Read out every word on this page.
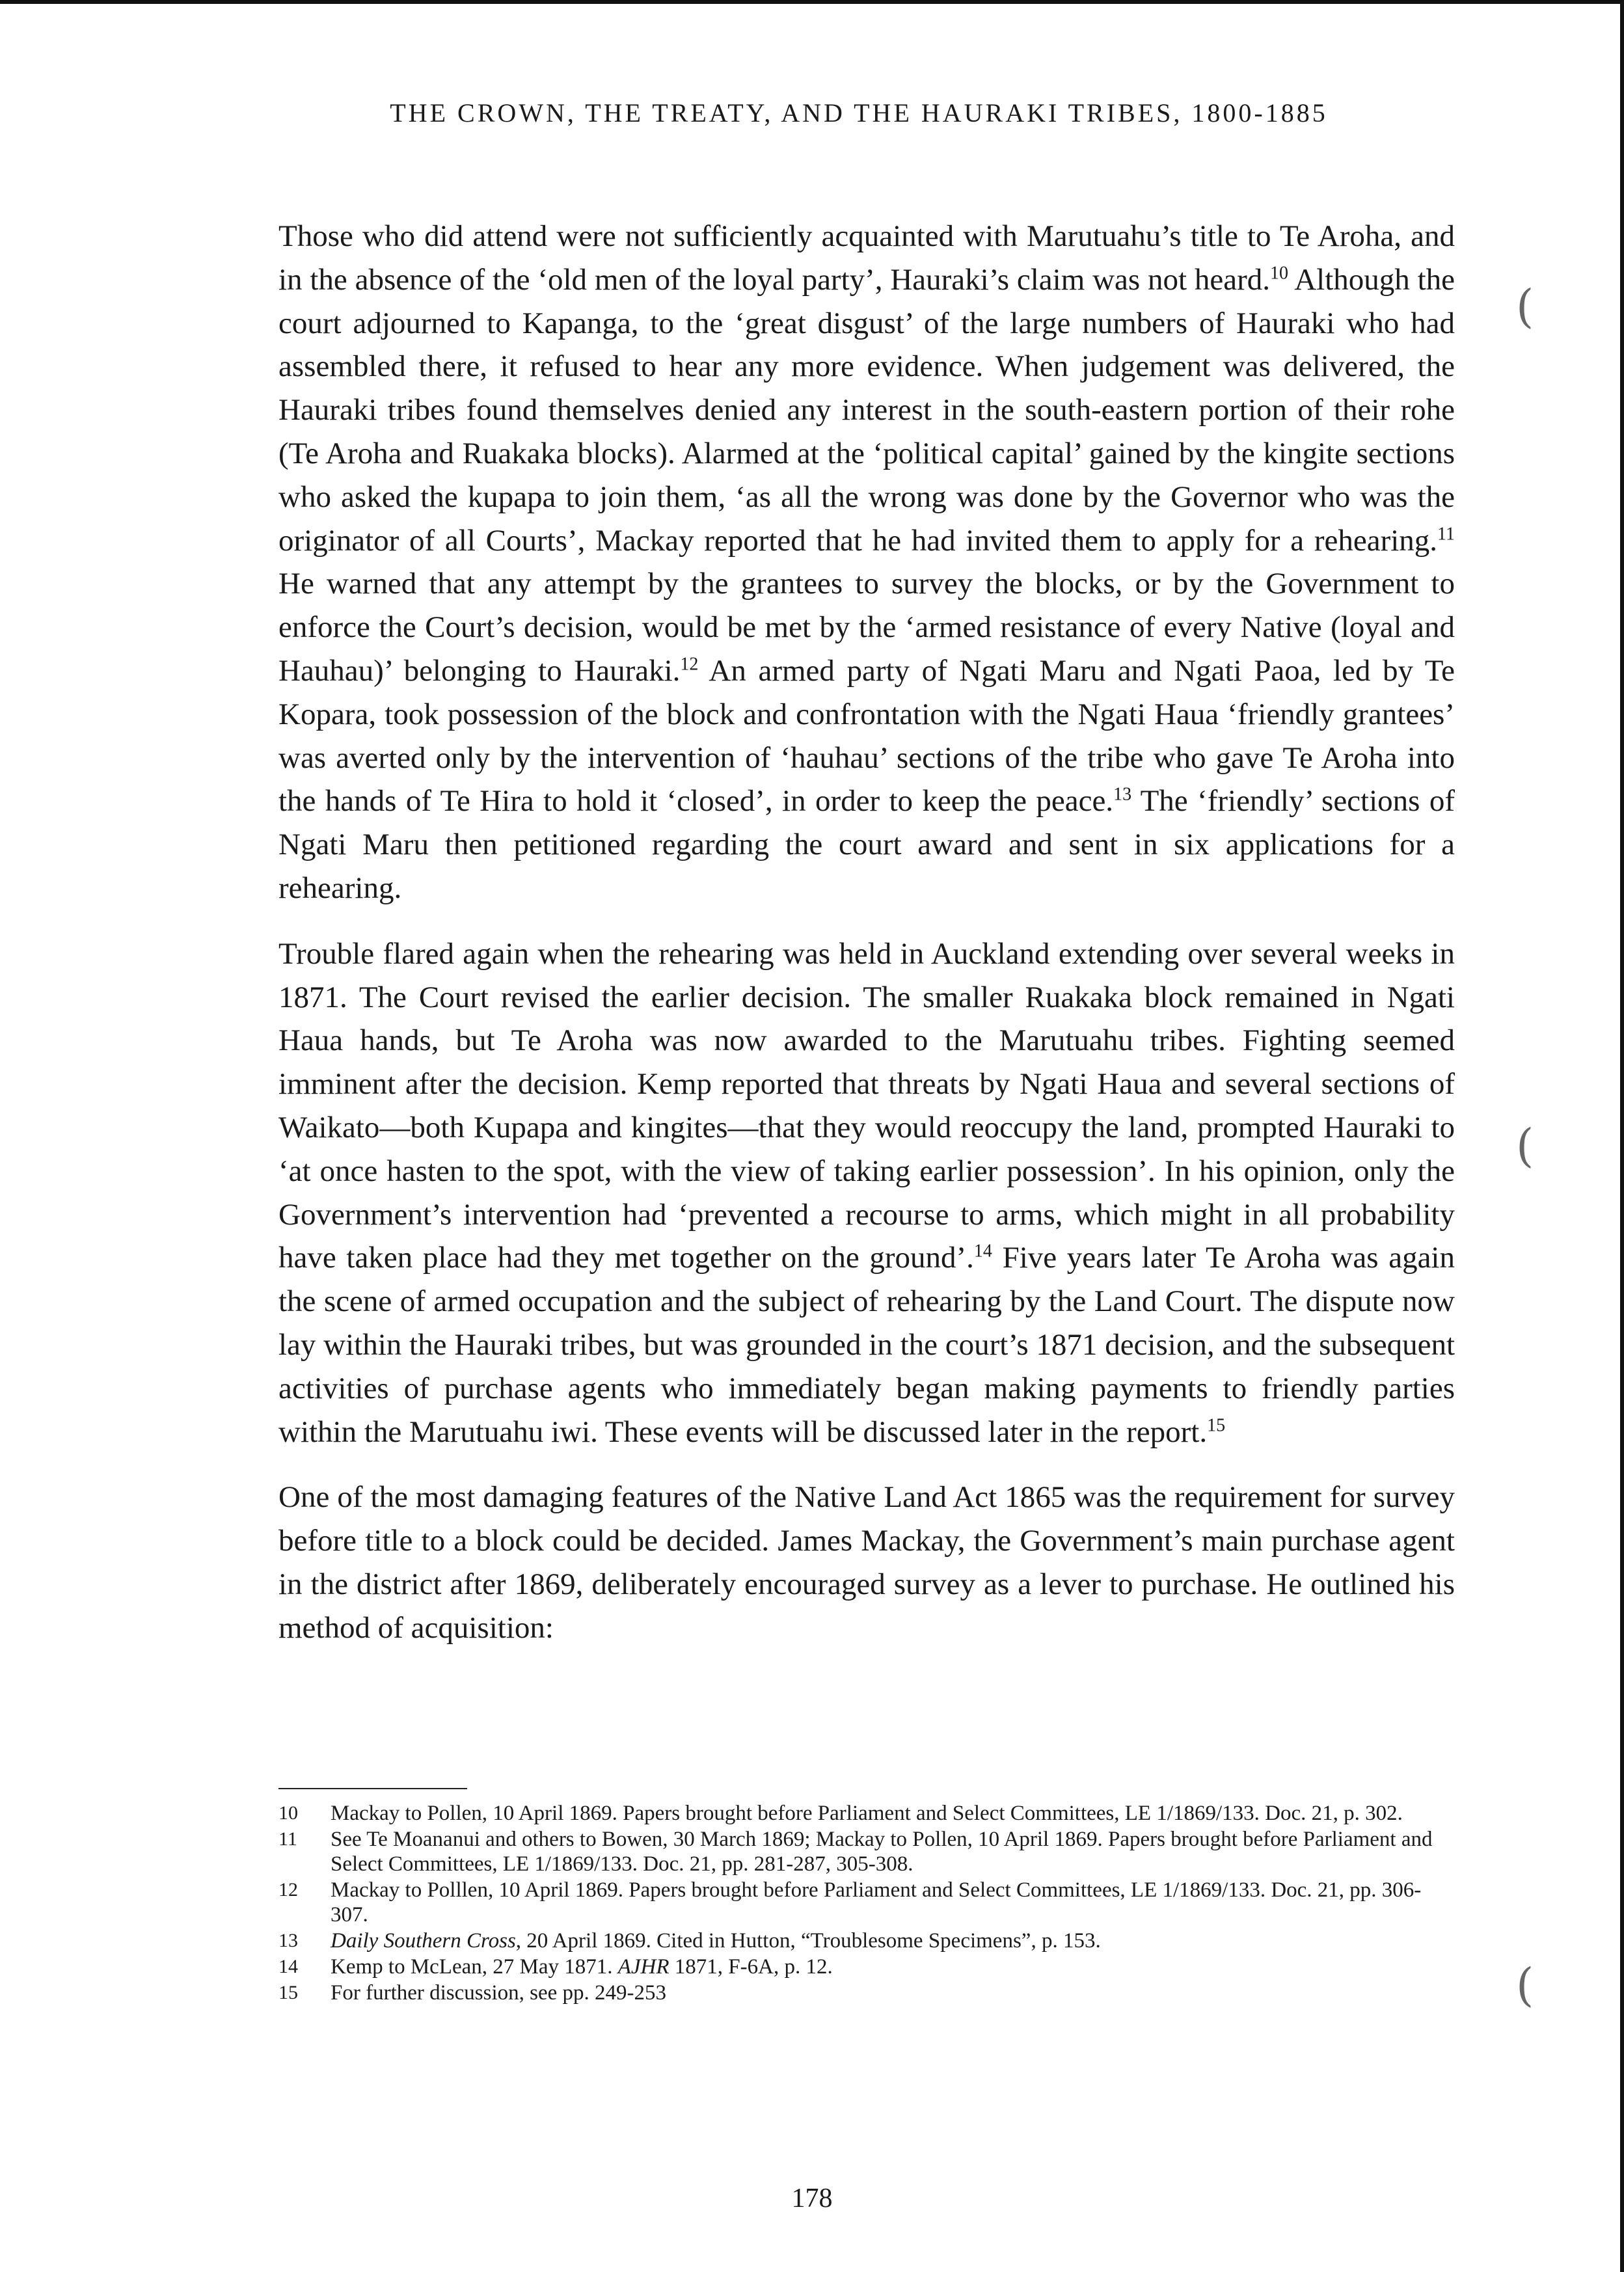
THE CROWN, THE TREATY, AND THE HAURAKI TRIBES, 1800-1885

Those who did attend were not sufficiently acquainted with Marutuahu’s title to Te Aroha, and in the absence of the ‘old men of the loyal party’, Hauraki’s claim was not heard.$^{10}$ Although the court adjourned to Kapanga, to the ‘great disgust’ of the large numbers of Hauraki who had assembled there, it refused to hear any more evidence. When judgement was delivered, the Hauraki tribes found themselves denied any interest in the south-eastern portion of their rohe (Te Aroha and Ruakaka blocks). Alarmed at the ‘political capital’ gained by the kingite sections who asked the kupapa to join them, ‘as all the wrong was done by the Governor who was the originator of all Courts’, Mackay reported that he had invited them to apply for a rehearing.$^{11}$ He warned that any attempt by the grantees to survey the blocks, or by the Government to enforce the Court’s decision, would be met by the ‘armed resistance of every Native (loyal and Hauhau)’ belonging to Hauraki.$^{12}$ An armed party of Ngati Maru and Ngati Paoa, led by Te Kopara, took possession of the block and confrontation with the Ngati Haua ‘friendly grantees’ was averted only by the intervention of ‘hauhau’ sections of the tribe who gave Te Aroha into the hands of Te Hira to hold it ‘closed’, in order to keep the peace.$^{13}$ The ‘friendly’ sections of Ngati Maru then petitioned regarding the court award and sent in six applications for a rehearing.

Trouble flared again when the rehearing was held in Auckland extending over several weeks in 1871. The Court revised the earlier decision. The smaller Ruakaka block remained in Ngati Haua hands, but Te Aroha was now awarded to the Marutuahu tribes. Fighting seemed imminent after the decision. Kemp reported that threats by Ngati Haua and several sections of Waikato—both Kupapa and kingites—that they would reoccupy the land, prompted Hauraki to ‘at once hasten to the spot, with the view of taking earlier possession’. In his opinion, only the Government’s intervention had ‘prevented a recourse to arms, which might in all probability have taken place had they met together on the ground’.$^{14}$ Five years later Te Aroha was again the scene of armed occupation and the subject of rehearing by the Land Court. The dispute now lay within the Hauraki tribes, but was grounded in the court’s 1871 decision, and the subsequent activities of purchase agents who immediately began making payments to friendly parties within the Marutuahu iwi. These events will be discussed later in the report.$^{15}$

One of the most damaging features of the Native Land Act 1865 was the requirement for survey before title to a block could be decided. James Mackay, the Government’s main purchase agent in the district after 1869, deliberately encouraged survey as a lever to purchase. He outlined his method of acquisition:

10	Mackay to Pollen, 10 April 1869. Papers brought before Parliament and Select Committees, LE 1/1869/133. Doc. 21, p. 302.
11	See Te Moananui and others to Bowen, 30 March 1869; Mackay to Pollen, 10 April 1869. Papers brought before Parliament and Select Committees, LE 1/1869/133. Doc. 21, pp. 281-287, 305-308.
12	Mackay to Polllen, 10 April 1869. Papers brought before Parliament and Select Committees, LE 1/1869/133. Doc. 21, pp. 306-307.
13	Daily Southern Cross, 20 April 1869. Cited in Hutton, “Troublesome Specimens”, p. 153.
14	Kemp to McLean, 27 May 1871. AJHR 1871, F-6A, p. 12.
15	For further discussion, see pp. 249-253
178
(
(
(
